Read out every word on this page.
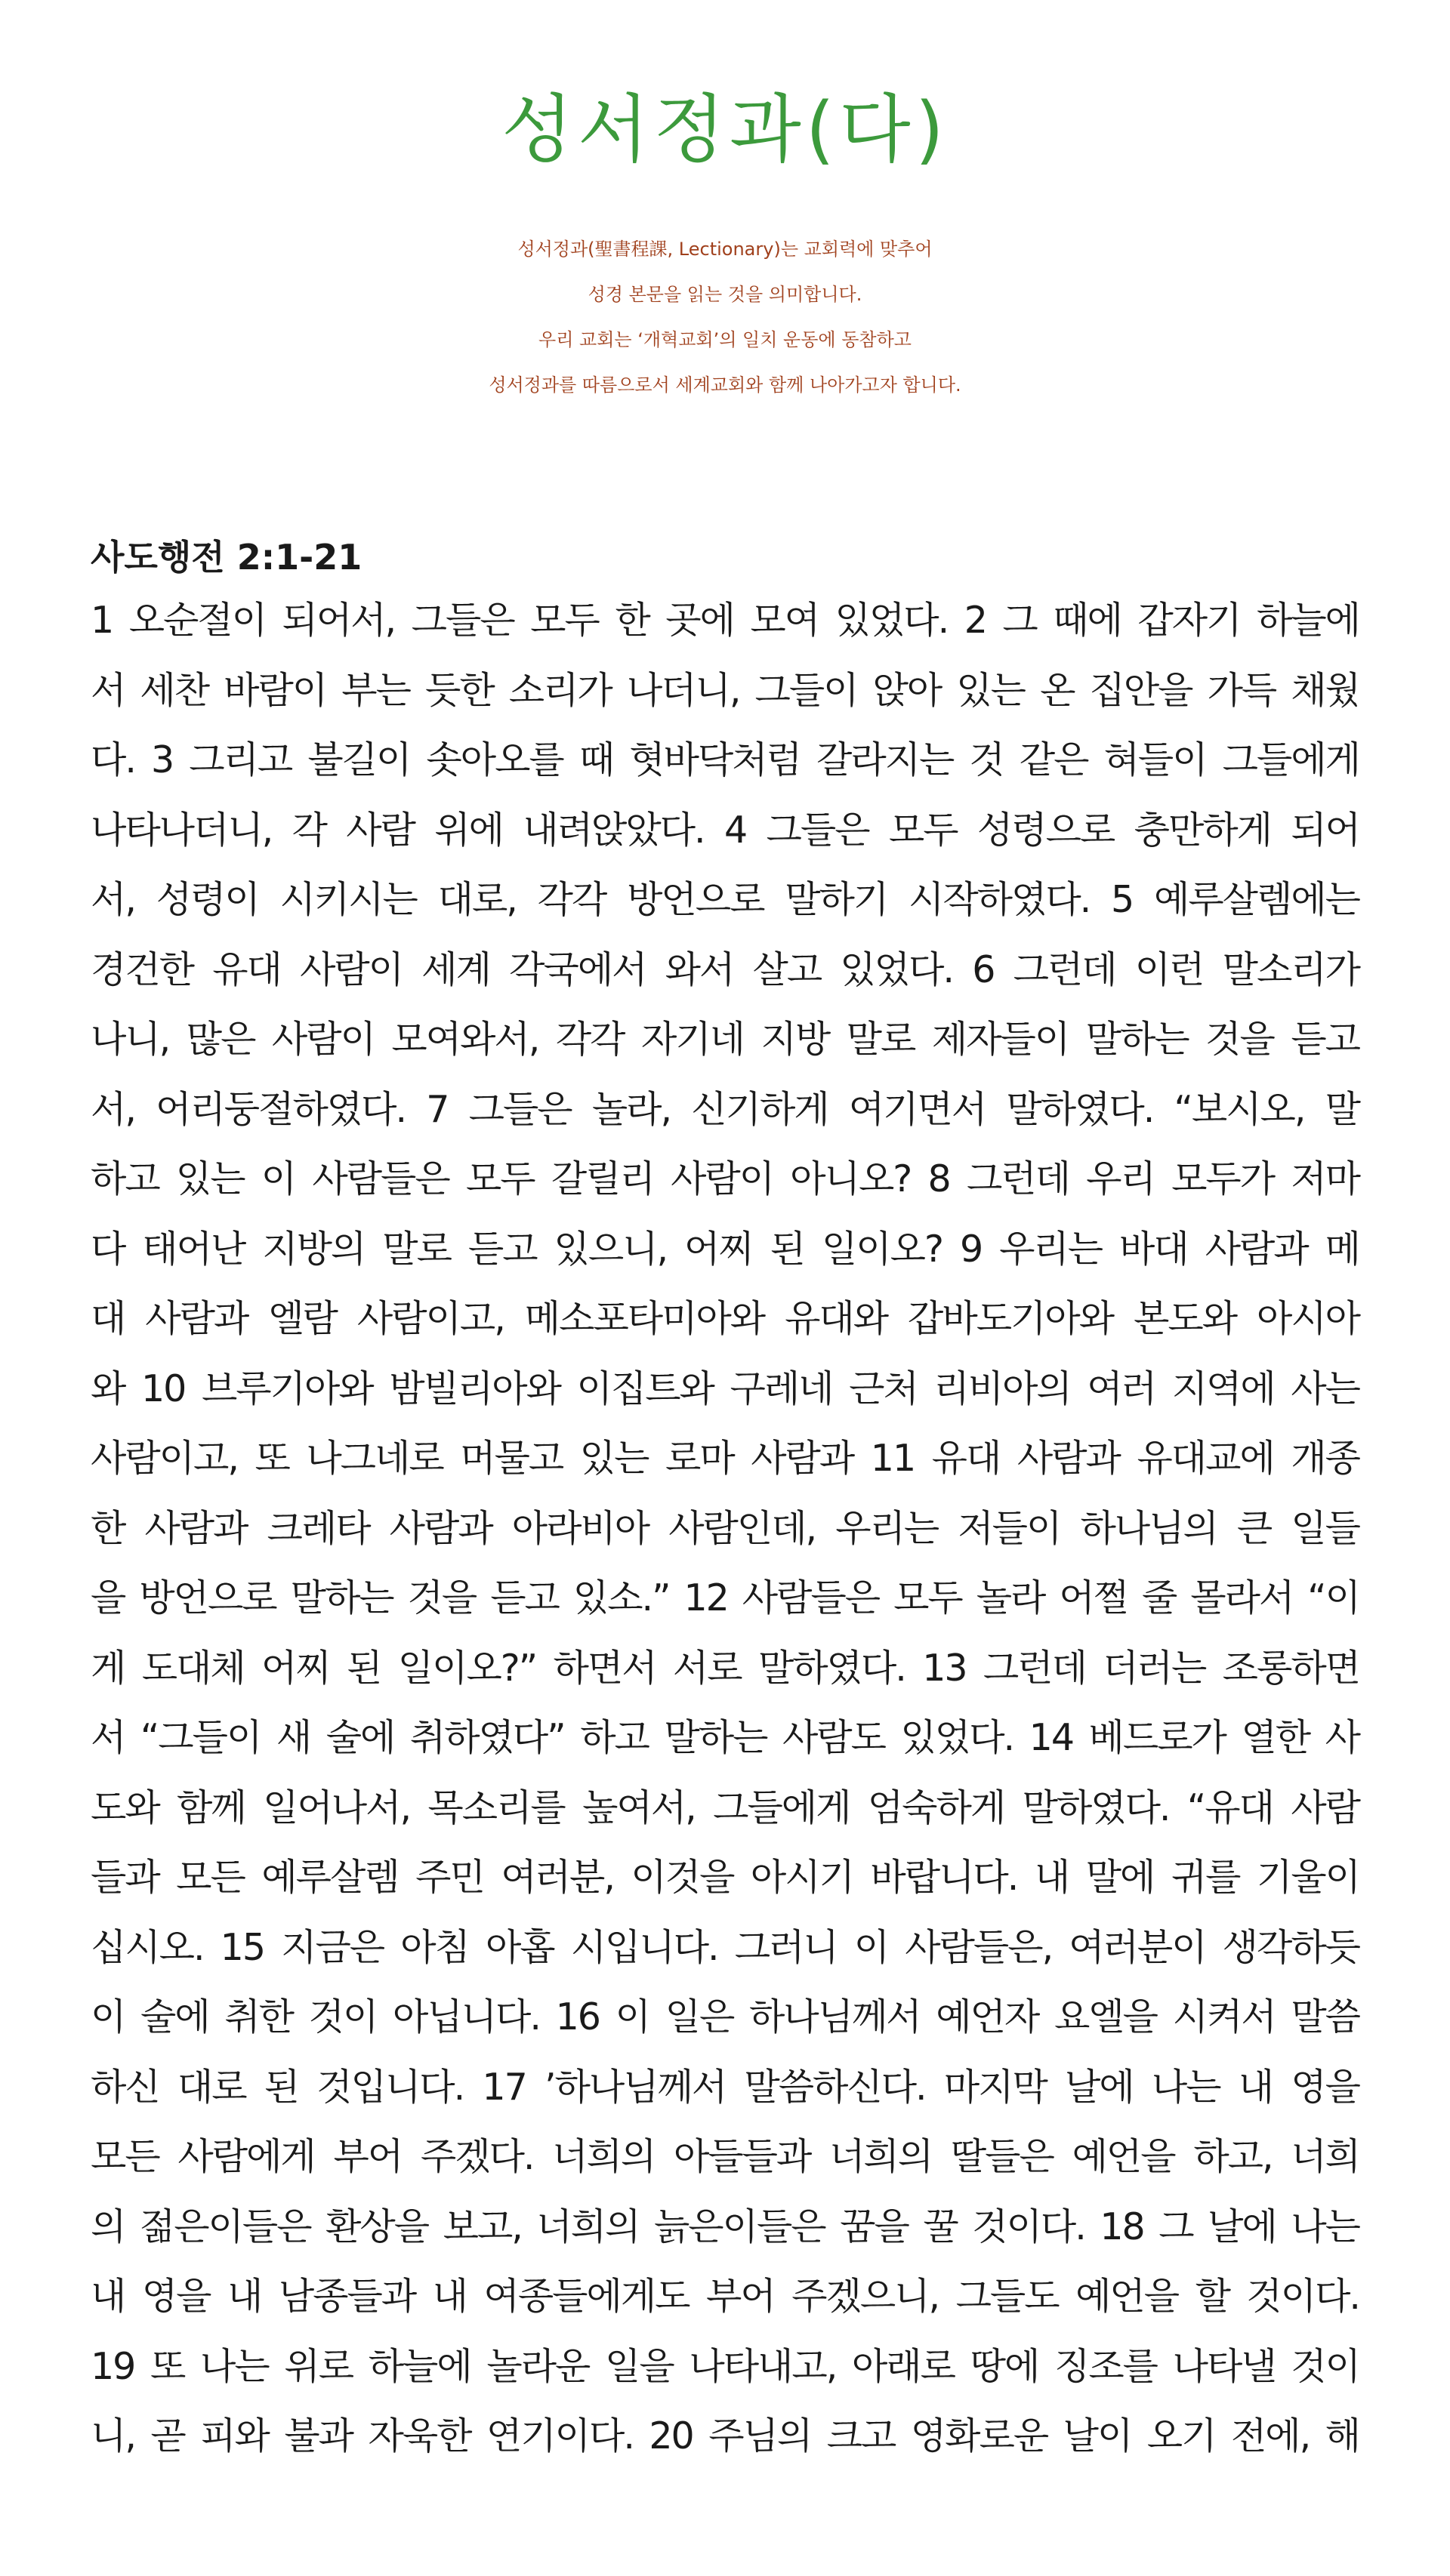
성서정과(다)
성서정과(聖書程課, Lectionary)는 교회력에 맞추어
성경 본문을 읽는 것을 의미합니다.
우리 교회는 ‘개혁교회’의 일치 운동에 동참하고
성서정과를 따름으로서 세계교회와 함께 나아가고자 합니다.
사도행전 2:1-21
1 오순절이 되어서, 그들은 모두 한 곳에 모여 있었다. 2 그 때에 갑자기 하늘에
서 세찬 바람이 부는 듯한 소리가 나더니, 그들이 앉아 있는 온 집안을 가득 채웠
다. 3 그리고 불길이 솟아오를 때 혓바닥처럼 갈라지는 것 같은 혀들이 그들에게
나타나더니, 각 사람 위에 내려앉았다. 4 그들은 모두 성령으로 충만하게 되어
서, 성령이 시키시는 대로, 각각 방언으로 말하기 시작하였다. 5 예루살렘에는
경건한 유대 사람이 세계 각국에서 와서 살고 있었다. 6 그런데 이런 말소리가
나니, 많은 사람이 모여와서, 각각 자기네 지방 말로 제자들이 말하는 것을 듣고
서, 어리둥절하였다. 7 그들은 놀라, 신기하게 여기면서 말하였다. “보시오, 말
하고 있는 이 사람들은 모두 갈릴리 사람이 아니오? 8 그런데 우리 모두가 저마
다 태어난 지방의 말로 듣고 있으니, 어찌 된 일이오? 9 우리는 바대 사람과 메
대 사람과 엘람 사람이고, 메소포타미아와 유대와 갑바도기아와 본도와 아시아
와 10 브루기아와 밤빌리아와 이집트와 구레네 근처 리비아의 여러 지역에 사는
사람이고, 또 나그네로 머물고 있는 로마 사람과 11 유대 사람과 유대교에 개종
한 사람과 크레타 사람과 아라비아 사람인데, 우리는 저들이 하나님의 큰 일들
을 방언으로 말하는 것을 듣고 있소.” 12 사람들은 모두 놀라 어쩔 줄 몰라서 “이
게 도대체 어찌 된 일이오?” 하면서 서로 말하였다. 13 그런데 더러는 조롱하면
서 “그들이 새 술에 취하였다” 하고 말하는 사람도 있었다. 14 베드로가 열한 사
도와 함께 일어나서, 목소리를 높여서, 그들에게 엄숙하게 말하였다. “유대 사람
들과 모든 예루살렘 주민 여러분, 이것을 아시기 바랍니다. 내 말에 귀를 기울이
십시오. 15 지금은 아침 아홉 시입니다. 그러니 이 사람들은, 여러분이 생각하듯
이 술에 취한 것이 아닙니다. 16 이 일은 하나님께서 예언자 요엘을 시켜서 말씀
하신 대로 된 것입니다. 17 ’하나님께서 말씀하신다. 마지막 날에 나는 내 영을
모든 사람에게 부어 주겠다. 너희의 아들들과 너희의 딸들은 예언을 하고, 너희
의 젊은이들은 환상을 보고, 너희의 늙은이들은 꿈을 꿀 것이다. 18 그 날에 나는
내 영을 내 남종들과 내 여종들에게도 부어 주겠으니, 그들도 예언을 할 것이다.
19 또 나는 위로 하늘에 놀라운 일을 나타내고, 아래로 땅에 징조를 나타낼 것이
니, 곧 피와 불과 자욱한 연기이다. 20 주님의 크고 영화로운 날이 오기 전에, 해
